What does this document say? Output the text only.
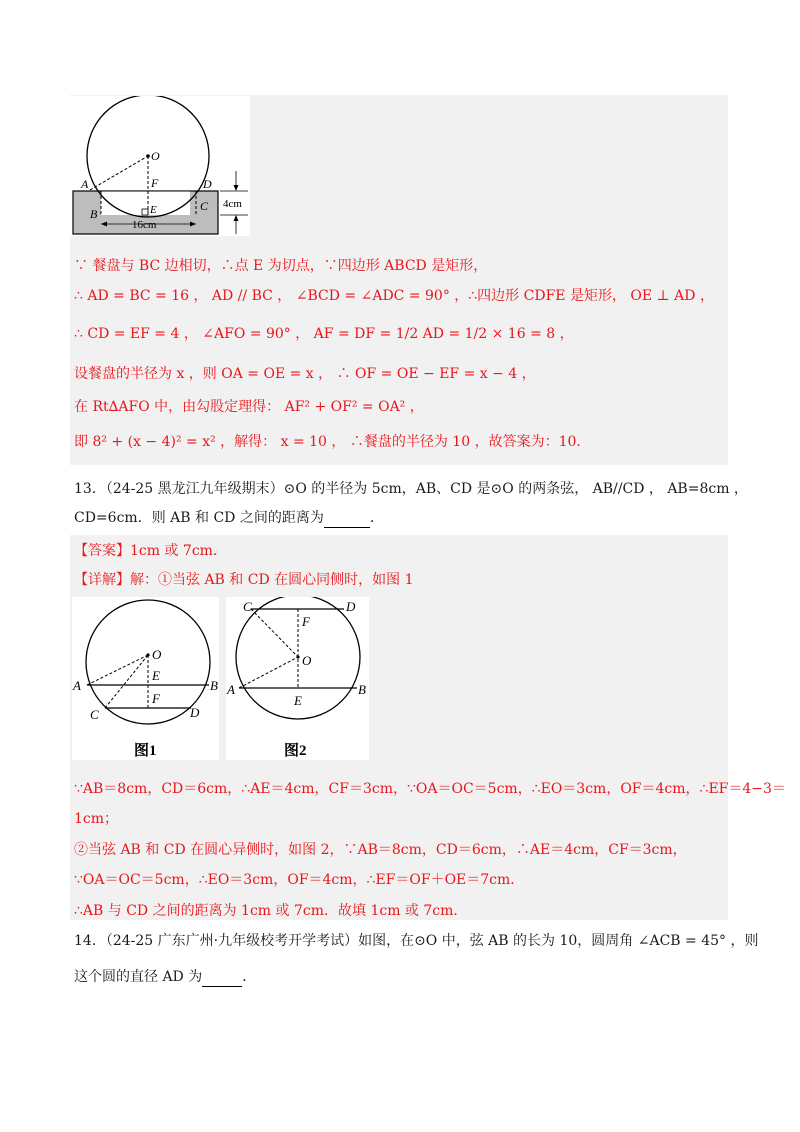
O
F
A	D
B
C
E
16cm
4cm
∵ 餐盘与 BC 边相切，∴点 E 为切点，∵四边形 ABCD 是矩形，
∴ AD = BC = 16 ， AD // BC ， ∠BCD = ∠ADC = 90° ，∴四边形 CDFE 是矩形， OE ⊥ AD ，
∴ CD = EF = 4 ， ∠AFO = 90° ， AF = DF = 1/2 AD = 1/2 × 16 = 8 ，
设餐盘的半径为 x ，则 OA = OE = x ， ∴ OF = OE − EF = x − 4 ，
在 Rt∆AFO 中，由勾股定理得： AF² + OF² = OA² ，
即 8² + (x − 4)² = x² ，解得： x = 10 ， ∴餐盘的半径为 10 ，故答案为：10.
13．（24-25 黑龙江九年级期末）⊙O 的半径为 5cm，AB、CD 是⊙O 的两条弦， AB//CD ， AB=8cm ，
CD=6cm．则 AB 和 CD 之间的距离为	．
【答案】1cm 或 7cm．
【详解】解：①当弦 AB 和 CD 在圆心同侧时，如图 1
O
E
F
A	B
C	D
图1
C	D
F
O
A	B
E
图2
∵AB＝8cm，CD＝6cm，∴AE＝4cm，CF＝3cm，∵OA＝OC＝5cm，∴EO＝3cm，OF＝4cm，∴EF＝4−3＝
1cm；
②当弦 AB 和 CD 在圆心异侧时，如图 2，∵AB＝8cm，CD＝6cm，∴AE＝4cm，CF＝3cm，
∵OA＝OC＝5cm，∴EO＝3cm，OF＝4cm，∴EF＝OF＋OE＝7cm．
∴AB 与 CD 之间的距离为 1cm 或 7cm．故填 1cm 或 7cm．
14．（24-25 广东广州·九年级校考开学考试）如图，在⊙O 中，弦 AB 的长为 10，圆周角 ∠ACB = 45° ，则
这个圆的直径 AD 为	．
